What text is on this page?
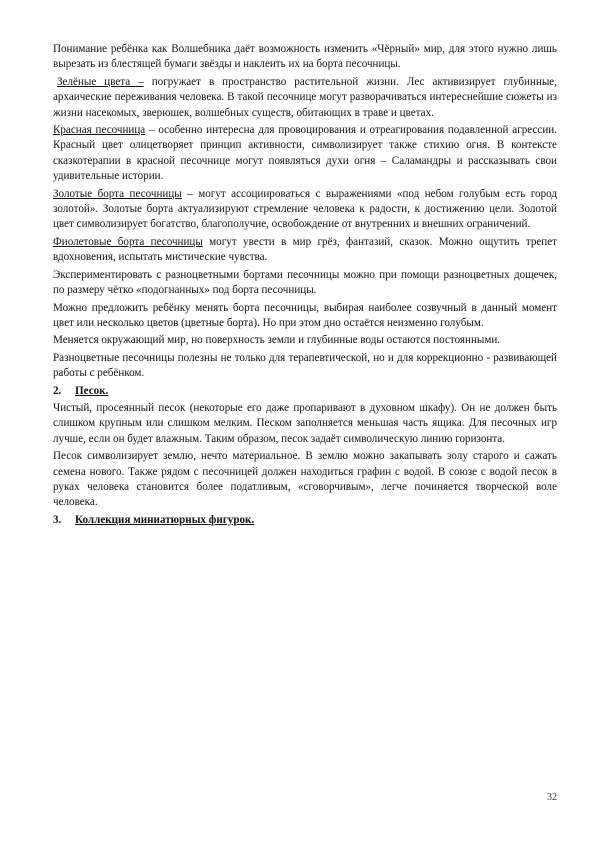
Понимание ребёнка как Волшебника даёт возможность изменить «Чёрный» мир, для этого нужно лишь вырезать из блестящей бумаги звёзды и наклеить их на борта песочницы.

Зелёные цвета – погружает в пространство растительной жизни. Лес активизирует глубинные, архаические переживания человека. В такой песочнице могут разворачиваться интереснейшие сюжеты из жизни насекомых, зверюшек, волшебных существ, обитающих в траве и цветах.

Красная песочница – особенно интересна для провоцирования и отреагирования подавленной агрессии. Красный цвет олицетворяет принцип активности, символизирует также стихию огня. В контексте сказкотерапии в красной песочнице могут появляться духи огня – Саламандры и рассказывать свои удивительные истории.

Золотые борта песочницы – могут ассоциироваться с выражениями «под небом голубым есть город золотой». Золотые борта актуализируют стремление человека к радости, к достижению цели. Золотой цвет символизирует богатство, благополучие, освобождение от внутренних и внешних ограничений.

Фиолетовые борта песочницы могут увести в мир грёз, фантазий, сказок. Можно ощутить трепет вдохновения, испытать мистические чувства.

Экспериментировать с разноцветными бортами песочницы можно при помощи разноцветных дощечек, по размеру чётко «подогнанных» под борта песочницы.

Можно предложить ребёнку менять борта песочницы, выбирая наиболее созвучный в данный момент цвет или несколько цветов (цветные борта). Но при этом дно остаётся неизменно голубым.

Меняется окружающий мир, но поверхность земли и глубинные воды остаются постоянными.

Разноцветные песочницы полезны не только для терапевтической, но и для коррекционно - развивающей работы с ребёнком.

2. Песок.

Чистый, просеянный песок (некоторые его даже пропаривают в духовном шкафу). Он не должен быть слишком крупным или слишком мелким. Песком заполняется меньшая часть ящика. Для песочных игр лучше, если он будет влажным. Таким образом, песок задаёт символическую линию горизонта.

Песок символизирует землю, нечто материальное. В землю можно закапывать золу старого и сажать семена нового. Также рядом с песочницей должен находиться графин с водой. В союзе с водой песок в руках человека становится более податливым, «сговорчивым», легче починяется творческой воле человека.

3. Коллекция миниатюрных фигурок.

32
